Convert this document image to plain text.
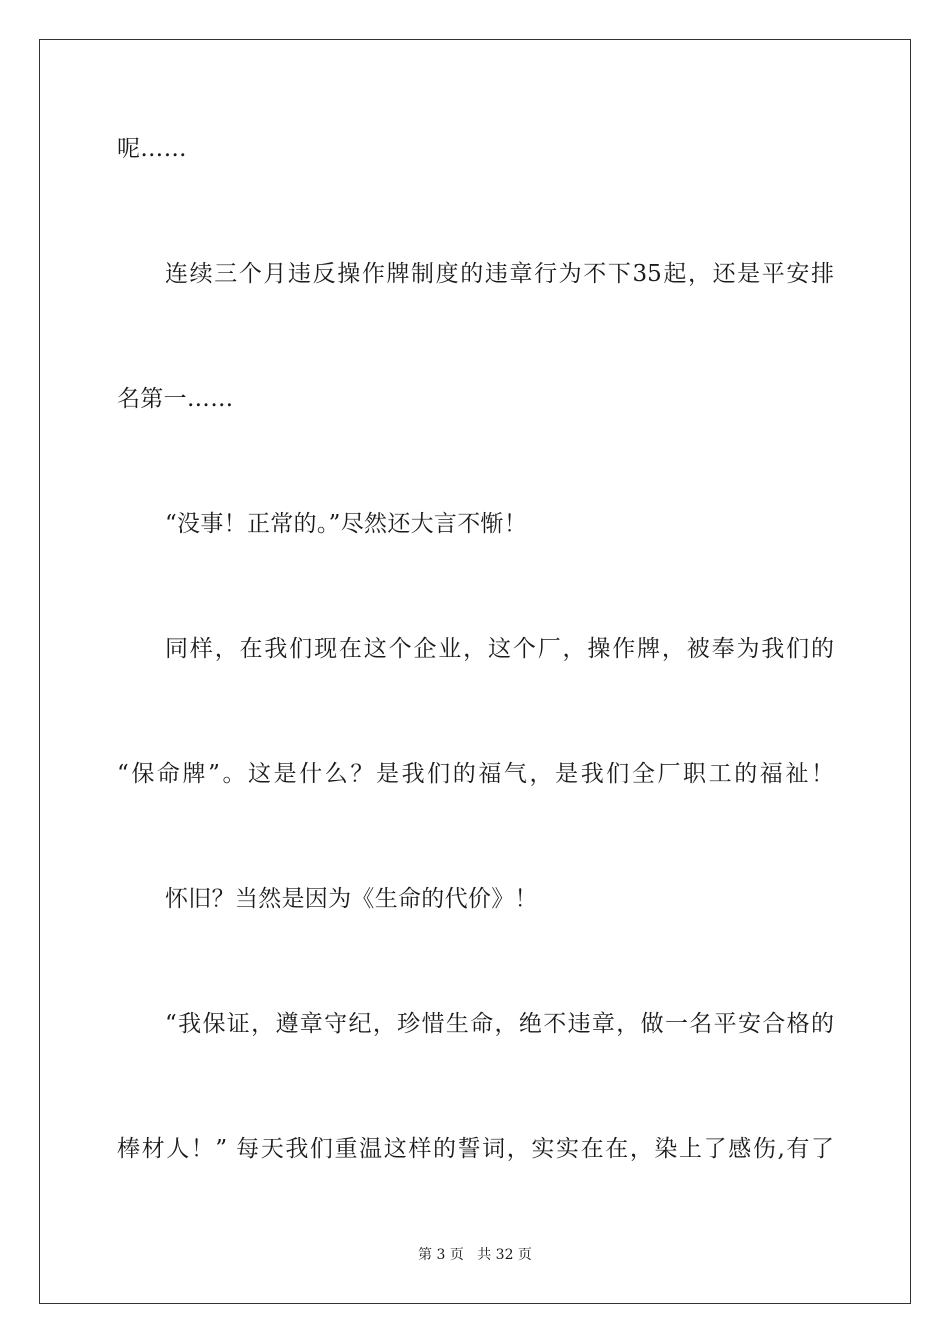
呢……
连续三个月违反操作牌制度的违章行为不下35起，还是平安排
名第一……
“没事！正常的。”尽然还大言不惭！
同样，在我们现在这个企业，这个厂，操作牌，被奉为我们的
“保命牌”。这是什么？是我们的福气，是我们全厂职工的福祉！
怀旧？当然是因为《生命的代价》！
“我保证，遵章守纪，珍惜生命，绝不违章，做一名平安合格的
棒材人！” 每天我们重温这样的誓词，实实在在，染上了感伤,有了
第 3 页 共 32 页
